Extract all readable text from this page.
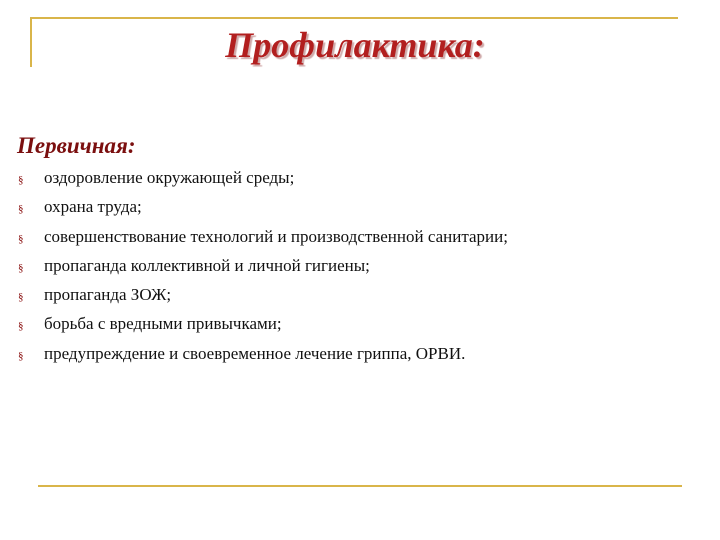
Профилактика:
Первичная:
§	оздоровление окружающей среды;
§	охрана труда;
§	совершенствование технологий и производственной санитарии;
§	пропаганда коллективной и личной гигиены;
§	пропаганда ЗОЖ;
§	борьба с вредными привычками;
§	предупреждение и своевременное лечение гриппа, ОРВИ.
